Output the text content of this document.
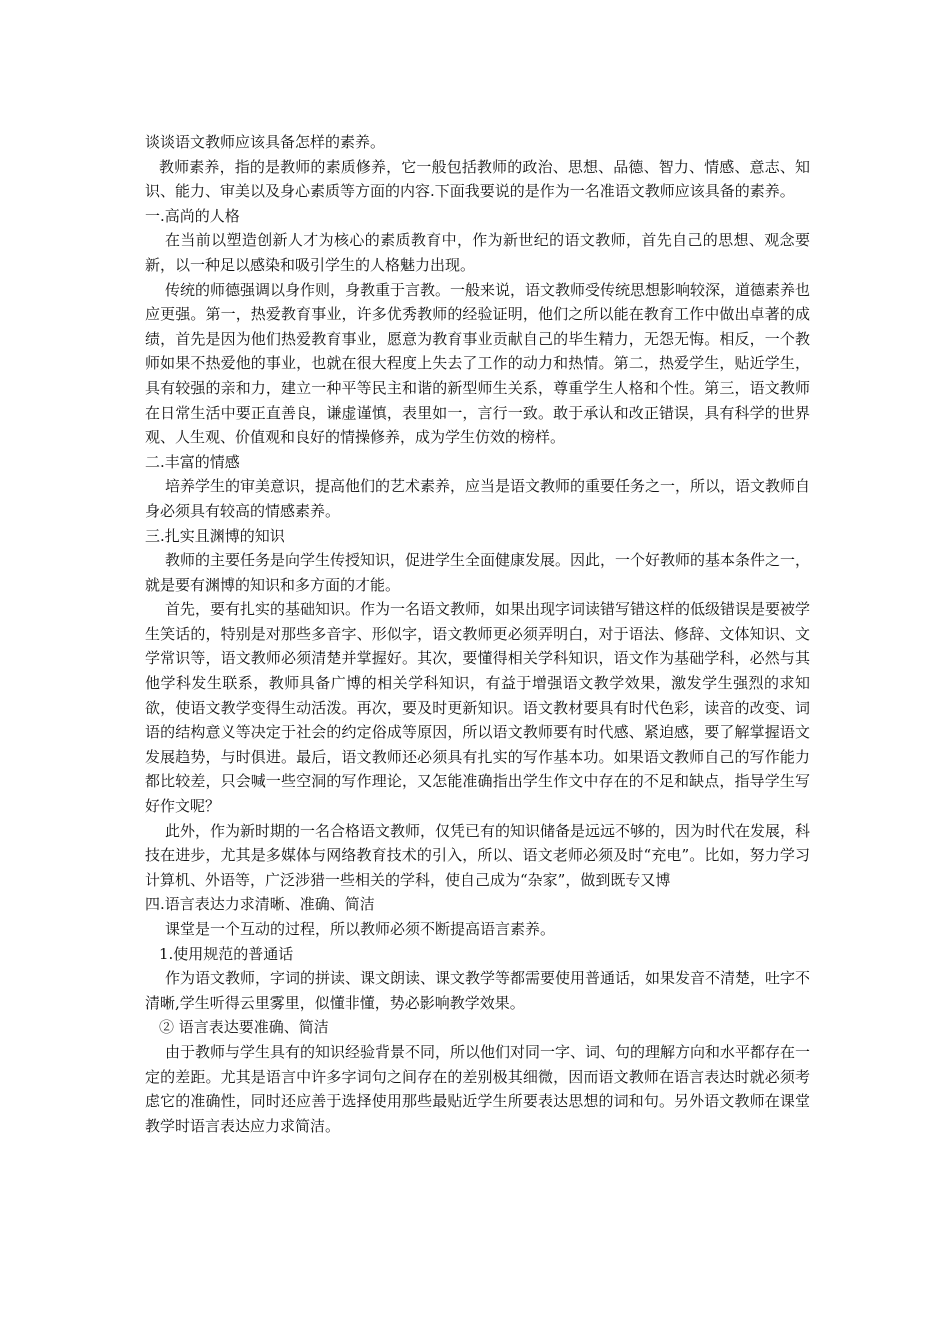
谈谈语文教师应该具备怎样的素养。

教师素养，指的是教师的素质修养，它一般包括教师的政治、思想、品德、智力、情感、意志、知识、能力、审美以及身心素质等方面的内容.下面我要说的是作为一名准语文教师应该具备的素养。

一.高尚的人格

在当前以塑造创新人才为核心的素质教育中，作为新世纪的语文教师，首先自己的思想、观念要新，以一种足以感染和吸引学生的人格魅力出现。

传统的师德强调以身作则，身教重于言教。一般来说，语文教师受传统思想影响较深，道德素养也应更强。第一，热爱教育事业，许多优秀教师的经验证明，他们之所以能在教育工作中做出卓著的成绩，首先是因为他们热爱教育事业，愿意为教育事业贡献自己的毕生精力，无怨无悔。相反，一个教师如果不热爱他的事业，也就在很大程度上失去了工作的动力和热情。第二，热爱学生，贴近学生，具有较强的亲和力，建立一种平等民主和谐的新型师生关系，尊重学生人格和个性。第三，语文教师在日常生活中要正直善良，谦虚谨慎，表里如一，言行一致。敢于承认和改正错误，具有科学的世界观、人生观、价值观和良好的情操修养，成为学生仿效的榜样。

二.丰富的情感

培养学生的审美意识，提高他们的艺术素养，应当是语文教师的重要任务之一，所以，语文教师自身必须具有较高的情感素养。

三.扎实且渊博的知识

教师的主要任务是向学生传授知识，促进学生全面健康发展。因此，一个好教师的基本条件之一，就是要有渊博的知识和多方面的才能。

首先，要有扎实的基础知识。作为一名语文教师，如果出现字词读错写错这样的低级错误是要被学生笑话的，特别是对那些多音字、形似字，语文教师更必须弄明白，对于语法、修辞、文体知识、文学常识等，语文教师必须清楚并掌握好。其次，要懂得相关学科知识，语文作为基础学科，必然与其他学科发生联系，教师具备广博的相关学科知识，有益于增强语文教学效果，激发学生强烈的求知欲，使语文教学变得生动活泼。再次，要及时更新知识。语文教材要具有时代色彩，读音的改变、词语的结构意义等决定于社会的约定俗成等原因，所以语文教师要有时代感、紧迫感，要了解掌握语文发展趋势，与时俱进。最后，语文教师还必须具有扎实的写作基本功。如果语文教师自己的写作能力都比较差，只会喊一些空洞的写作理论，又怎能准确指出学生作文中存在的不足和缺点，指导学生写好作文呢？

此外，作为新时期的一名合格语文教师，仅凭已有的知识储备是远远不够的，因为时代在发展，科技在进步，尤其是多媒体与网络教育技术的引入，所以、语文老师必须及时“充电”。比如，努力学习计算机、外语等，广泛涉猎一些相关的学科，使自己成为“杂家”，做到既专又博

四.语言表达力求清晰、准确、简洁

课堂是一个互动的过程，所以教师必须不断提高语言素养。

1.使用规范的普通话

作为语文教师，字词的拼读、课文朗读、课文教学等都需要使用普通话，如果发音不清楚，吐字不清晰,学生听得云里雾里，似懂非懂，势必影响教学效果。

② 语言表达要准确、简洁

由于教师与学生具有的知识经验背景不同，所以他们对同一字、词、句的理解方向和水平都存在一定的差距。尤其是语言中许多字词句之间存在的差别极其细微，因而语文教师在语言表达时就必须考虑它的准确性，同时还应善于选择使用那些最贴近学生所要表达思想的词和句。另外语文教师在课堂教学时语言表达应力求简洁。
